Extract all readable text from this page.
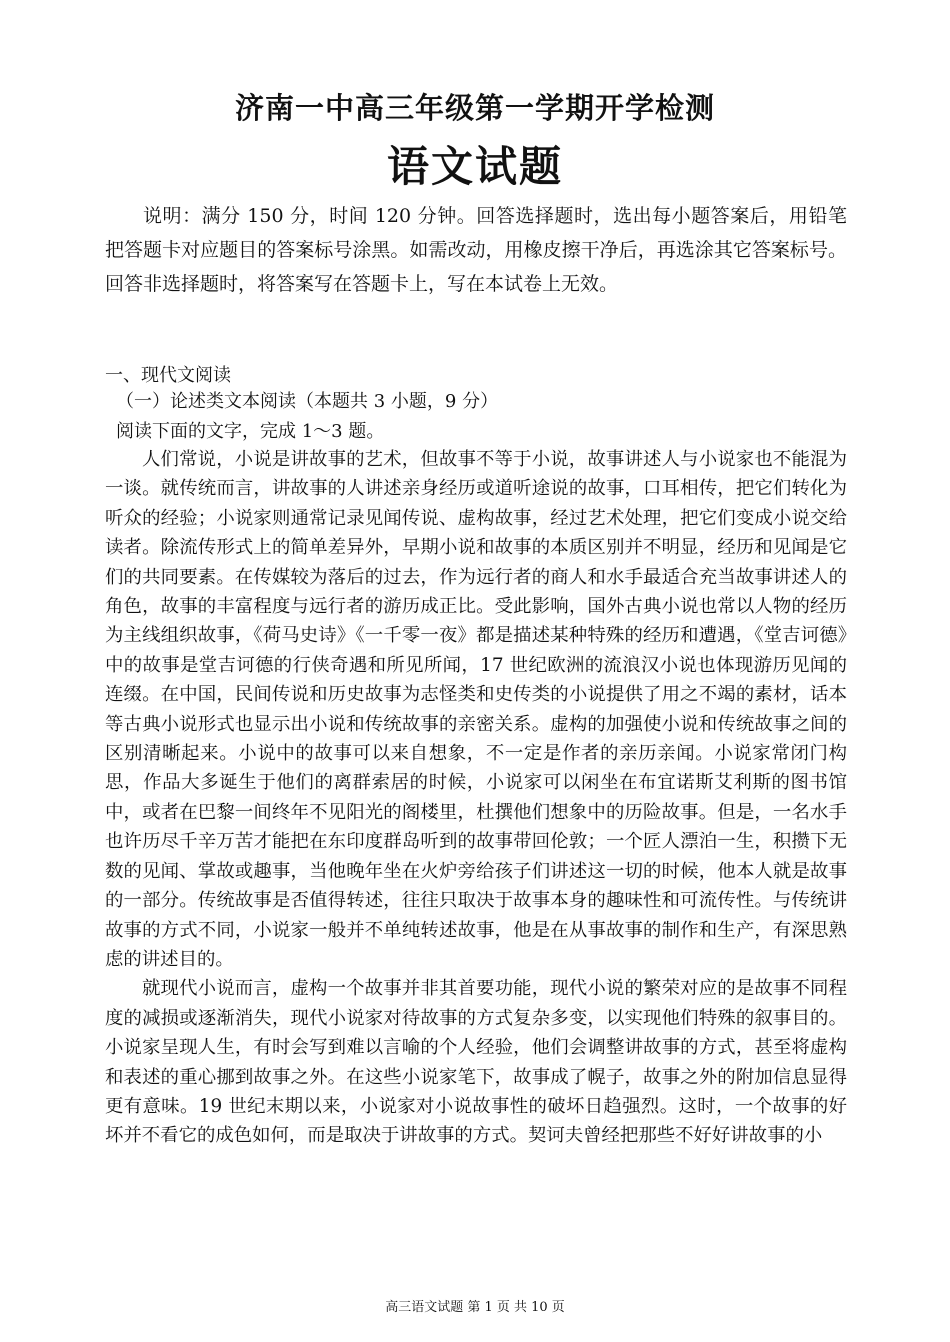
济南一中高三年级第一学期开学检测
语文试题

说明：满分 150 分，时间 120 分钟。回答选择题时，选出每小题答案后，用铅笔把答题卡对应题目的答案标号涂黑。如需改动，用橡皮擦干净后，再选涂其它答案标号。回答非选择题时，将答案写在答题卡上，写在本试卷上无效。

一、现代文阅读
（一）论述类文本阅读（本题共 3 小题，9 分）
阅读下面的文字，完成 1～3 题。

人们常说，小说是讲故事的艺术，但故事不等于小说，故事讲述人与小说家也不能混为一谈。就传统而言，讲故事的人讲述亲身经历或道听途说的故事，口耳相传，把它们转化为听众的经验；小说家则通常记录见闻传说、虚构故事，经过艺术处理，把它们变成小说交给读者。除流传形式上的简单差异外，早期小说和故事的本质区别并不明显，经历和见闻是它们的共同要素。在传媒较为落后的过去，作为远行者的商人和水手最适合充当故事讲述人的角色，故事的丰富程度与远行者的游历成正比。受此影响，国外古典小说也常以人物的经历为主线组织故事，《荷马史诗》《一千零一夜》都是描述某种特殊的经历和遭遇，《堂吉诃德》中的故事是堂吉诃德的行侠奇遇和所见所闻，17 世纪欧洲的流浪汉小说也体现游历见闻的连缀。在中国，民间传说和历史故事为志怪类和史传类的小说提供了用之不竭的素材，话本等古典小说形式也显示出小说和传统故事的亲密关系。虚构的加强使小说和传统故事之间的区别清晰起来。小说中的故事可以来自想象，不一定是作者的亲历亲闻。小说家常闭门构思，作品大多诞生于他们的离群索居的时候，小说家可以闲坐在布宜诺斯艾利斯的图书馆中，或者在巴黎一间终年不见阳光的阁楼里，杜撰他们想象中的历险故事。但是，一名水手也许历尽千辛万苦才能把在东印度群岛听到的故事带回伦敦；一个匠人漂泊一生，积攒下无数的见闻、掌故或趣事，当他晚年坐在火炉旁给孩子们讲述这一切的时候，他本人就是故事的一部分。传统故事是否值得转述，往往只取决于故事本身的趣味性和可流传性。与传统讲故事的方式不同，小说家一般并不单纯转述故事，他是在从事故事的制作和生产，有深思熟虑的讲述目的。

就现代小说而言，虚构一个故事并非其首要功能，现代小说的繁荣对应的是故事不同程度的减损或逐渐消失，现代小说家对待故事的方式复杂多变，以实现他们特殊的叙事目的。小说家呈现人生，有时会写到难以言喻的个人经验，他们会调整讲故事的方式，甚至将虚构和表述的重心挪到故事之外。在这些小说家笔下，故事成了幌子，故事之外的附加信息显得更有意味。19 世纪末期以来，小说家对小说故事性的破坏日趋强烈。这时，一个故事的好坏并不看它的成色如何，而是取决于讲故事的方式。契诃夫曾经把那些不好好讲故事的小

高三语文试题 第 1 页 共 10 页
